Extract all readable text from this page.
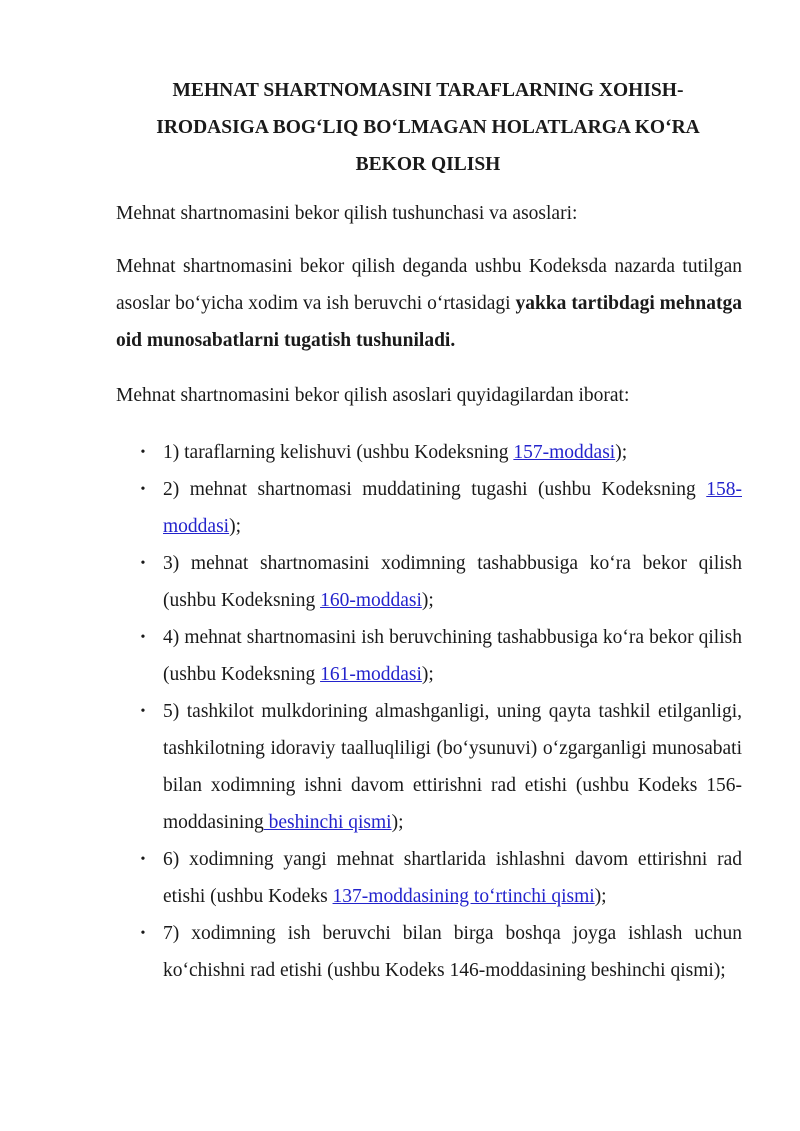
MEHNAT SHARTNOMASINI TARAFLARNING XOHISH-
IRODASIGA BOG‘LIQ BO‘LMAGAN HOLATLARGA KO‘RA
BEKOR QILISH

Mehnat shartnomasini bekor qilish tushunchasi va asoslari:

Mehnat shartnomasini bekor qilish deganda ushbu Kodeksda nazarda tutilgan asoslar bo‘yicha xodim va ish beruvchi o‘rtasidagi yakka tartibdagi mehnatga oid munosabatlarni tugatish tushuniladi.

Mehnat shartnomasini bekor qilish asoslari quyidagilardan iborat:

• 1) taraflarning kelishuvi (ushbu Kodeksning 157-moddasi);
• 2) mehnat shartnomasi muddatining tugashi (ushbu Kodeksning 158-moddasi);
• 3) mehnat shartnomasini xodimning tashabbusiga ko‘ra bekor qilish (ushbu Kodeksning 160-moddasi);
• 4) mehnat shartnomasini ish beruvchining tashabbusiga ko‘ra bekor qilish (ushbu Kodeksning 161-moddasi);
• 5) tashkilot mulkdorining almashganligi, uning qayta tashkil etilganligi, tashkilotning idoraviy taalluqliligi (bo‘ysunuvi) o‘zgarganligi munosabati bilan xodimning ishni davom ettirishni rad etishi (ushbu Kodeks 156-moddasining beshinchi qismi);
• 6) xodimning yangi mehnat shartlarida ishlashni davom ettirishni rad etishi (ushbu Kodeks 137-moddasining to‘rtinchi qismi);
• 7) xodimning ish beruvchi bilan birga boshqa joyga ishlash uchun ko‘chishni rad etishi (ushbu Kodeks 146-moddasining beshinchi qismi);
